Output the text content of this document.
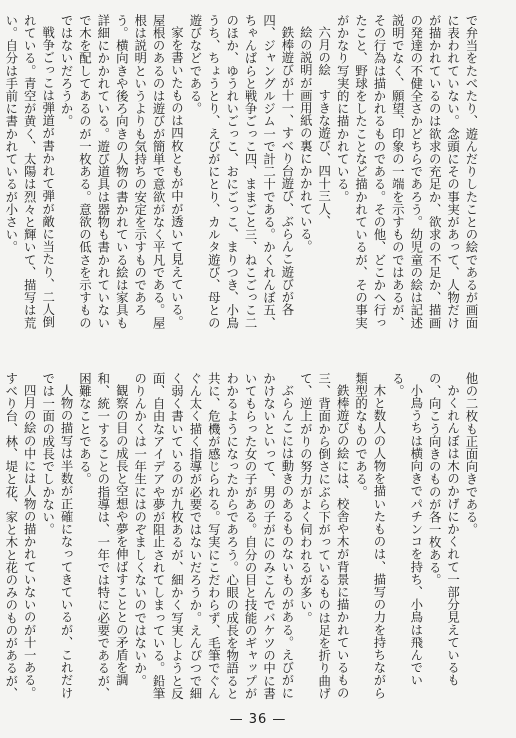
で弁当をたべたり、遊んだりしたことの絵であるが画面に表われていない。念頭にその事実があって、人物だけが描かれているのは欲求の充足か、欲求の不足か、描画の発達の不健全さかどちらであろう。幼児童の絵は記述説明でなく、願望、印象の一端を示すものではあるが、その行為は描かれるものである。その他、どこかへ行ったこと、野球をしたことなど描かれているが、その事実がかなり写実的に描かれている。

六月の絵　すきな遊び、四十三人、

絵の説明が画用紙の裏にかかれている。

鉄棒遊びが十一、すべり台遊び、ぶらんこ遊びが各四、ジャングルジム一で計二十である。かくれんぼ五、ちゃんばらと戦争ごっこ四、ままごと三、ねこごっこ二のほか、ゆうれいごっこ、おにごっこ、まりつき、小鳥うち、ちょうとり、えびがにとり、カルタ遊び、母との遊びなどである。

家を書いたものは四枚ともが中が透いて見えている。屋根のあるのは遊びが簡単で意欲がなく平凡である。屋根は説明というよりも気持ちの安定を示すものであろう。横向きや後ろ向きの人物の書かれている絵は家具も詳細にかかれている。遊び道具は器物も書かれていないで木を配してあるのが一枚ある。意欲の低さを示すものではないだろうか。

戦争ごっこは弾道が書かれて弾が敵に当たり、二人倒れている。青空が黄く、太陽は烈々と輝いて、描写は荒い。自分は手前に書かれているが小さい。

他の二枚も正面向きである。

かくれんぼは木のかげにかくれて一部分見えているもの、向こう向きのものが各一枚ある。

小鳥うちは横向きでパチンコを持ち、小鳥は飛んでいる。

木と数人の人物を描いたものは、描写の力を持ちながら類型的なものである。

鉄棒遊びの絵には、校舎や木が背景に描かれているもの三、背面から倒さにぶら下がっているものは足を折り曲げて、逆上がりの努力がよく伺われるが多い。

ぶらんこには動きのあるものないものがある。えびがにかけないといって、男の子がにのみこんでバケツの中に書いてもらった女の子がある。自分の目と技能のギャップがわかるようになったからであろう。心眼の成長を物語ると共に、危機が感じられる。写実にこだわらず、毛筆でぐんぐん太く描く指導が必要ではないだろうか。えんぴつで細く弱く書いているのが九枚あるが、細かく写実しようと反面、自由なアイデアや夢が阻止されてしまっている。鉛筆のりんかくは一年生にはのぞましくないのではないか。

観察の目の成長と空想や夢を伸ばすこととの矛盾を調和、統一することの指導は、一年では特に必要であるが、困難なことである。

人物の描写は半数が正確になってきているが、これだけでは一面の成長でしかない。

四月の絵の中には人物の描かれていないのが十一ある。すべり台、林、堤と花、家と木と花のみのものがあるが、

— 36 —
